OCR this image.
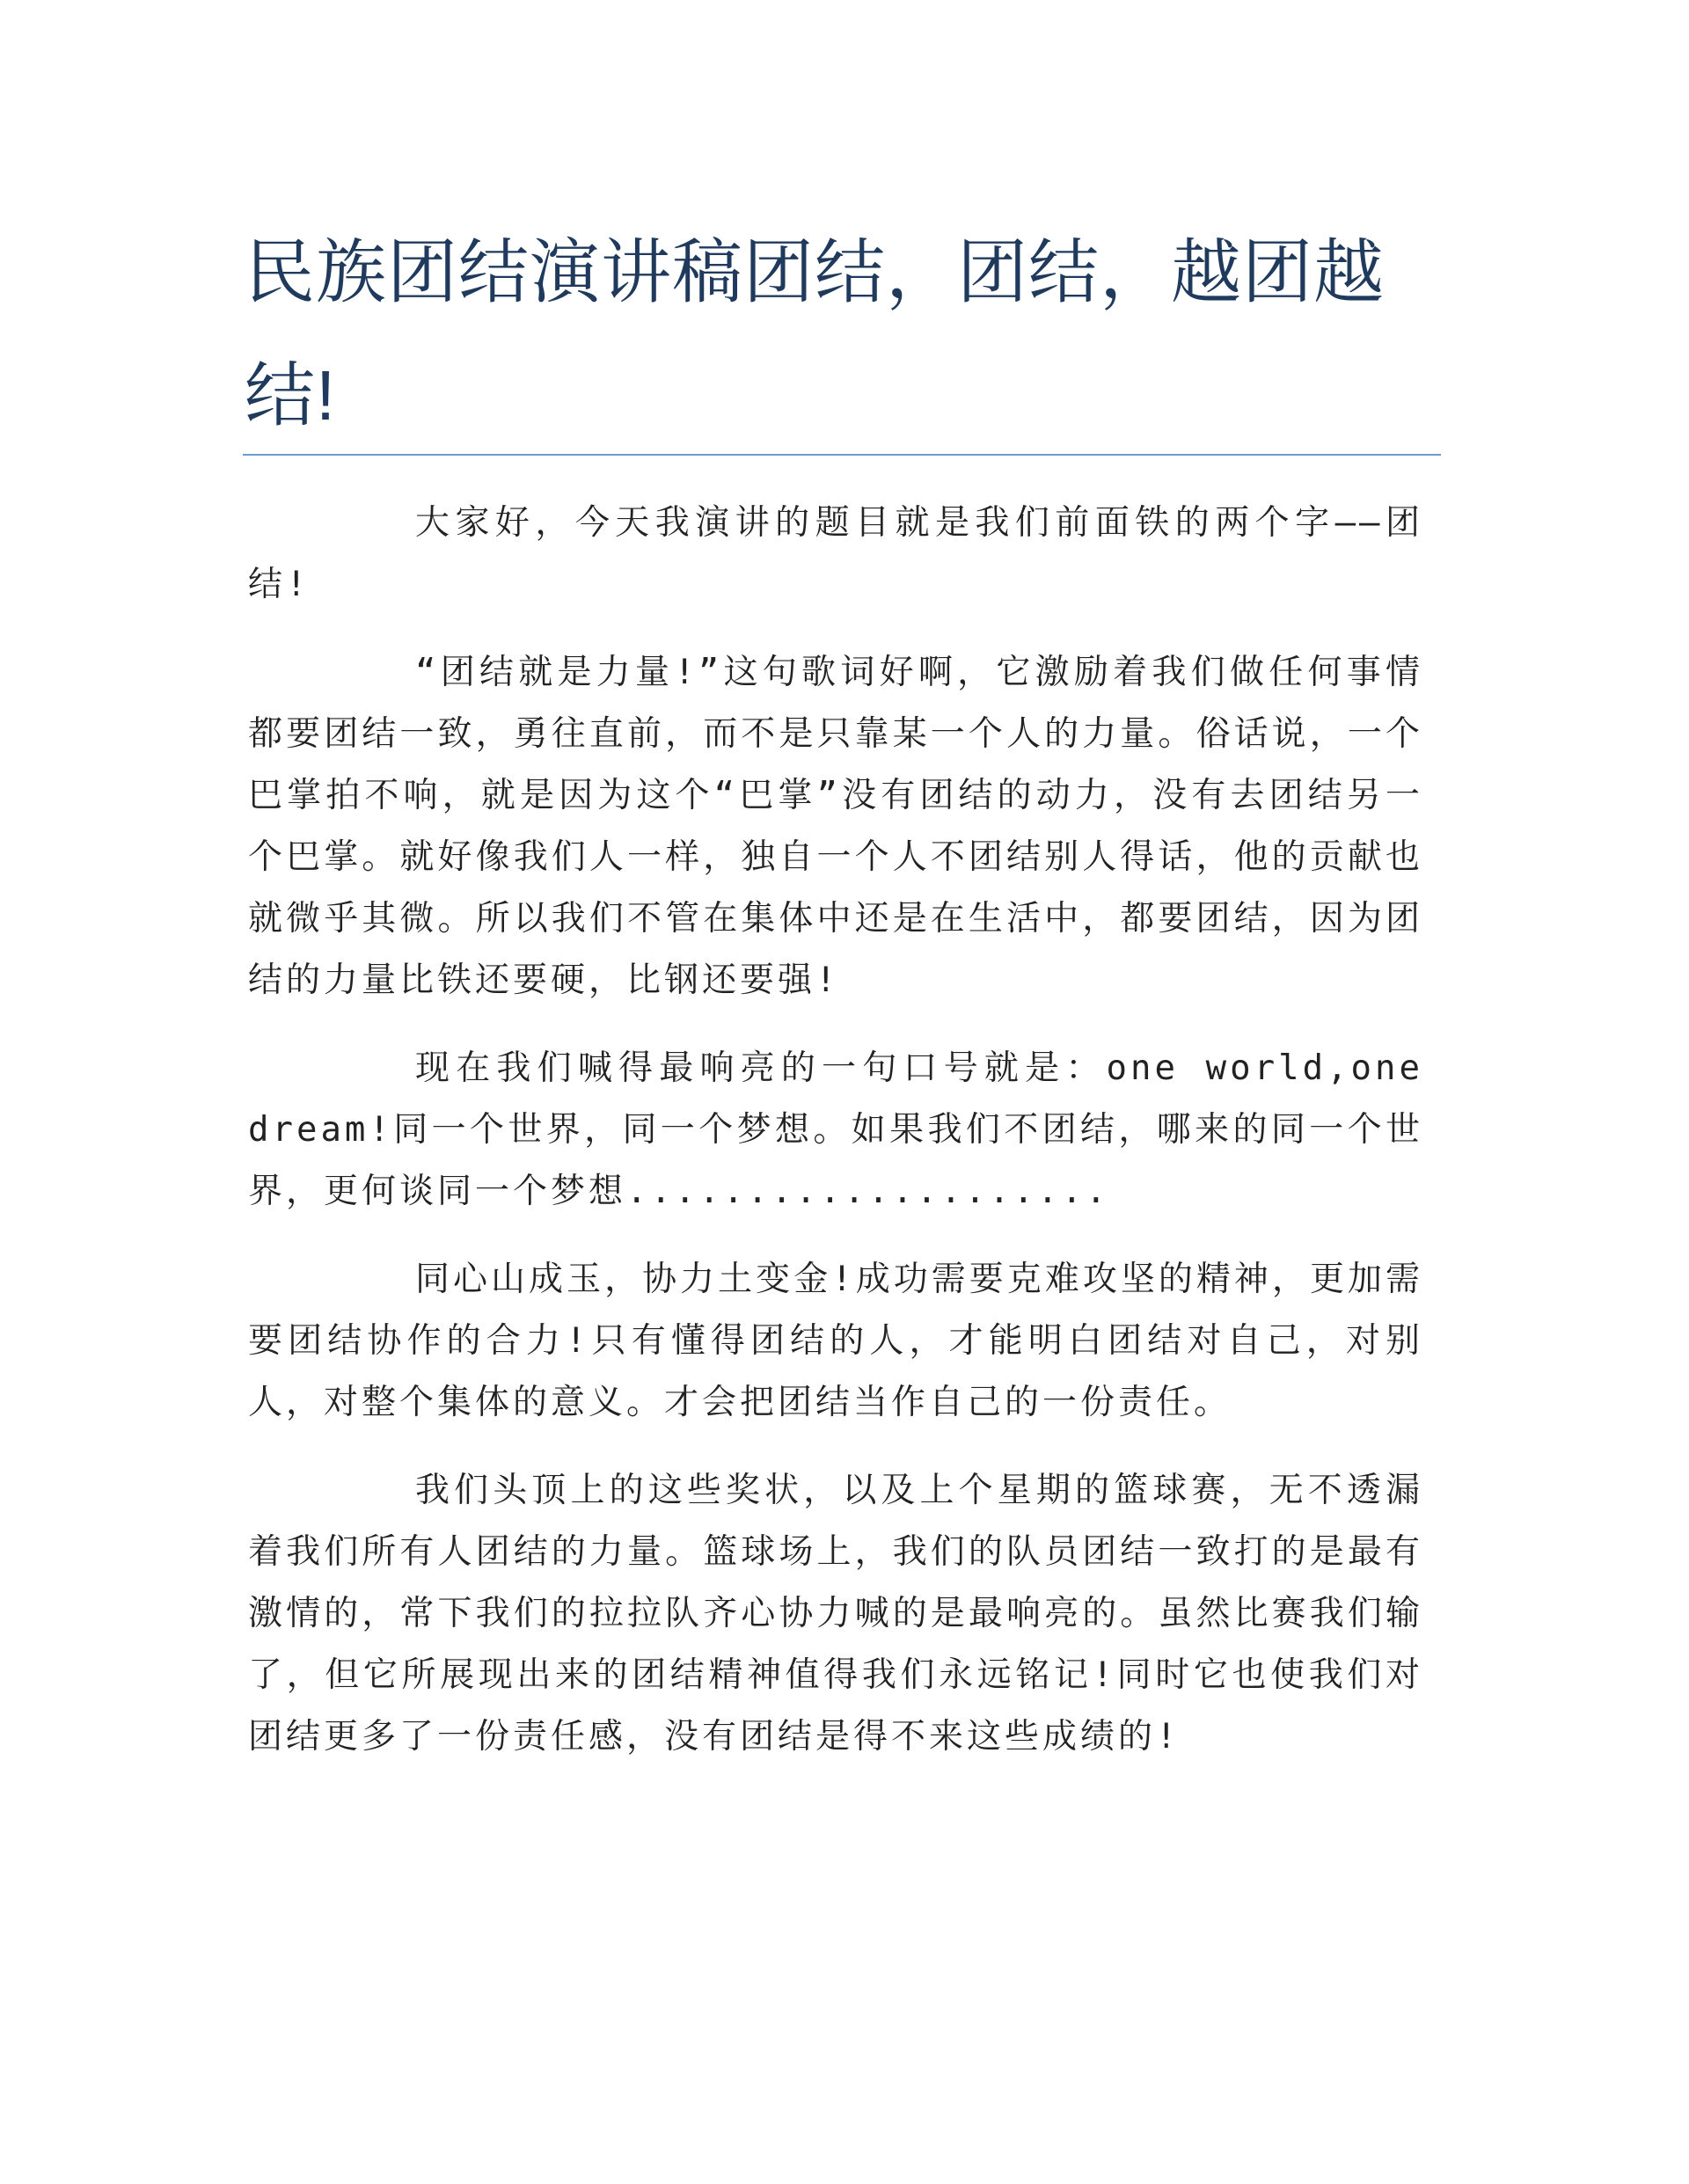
民族团结演讲稿团结，团结，越团越结!

大家好，今天我演讲的题目就是我们前面铁的两个字——团结!

“团结就是力量!”这句歌词好啊，它激励着我们做任何事情都要团结一致，勇往直前，而不是只靠某一个人的力量。俗话说，一个巴掌拍不响，就是因为这个“巴掌”没有团结的动力，没有去团结另一个巴掌。就好像我们人一样，独自一个人不团结别人得话，他的贡献也就微乎其微。所以我们不管在集体中还是在生活中，都要团结，因为团结的力量比铁还要硬，比钢还要强!

现在我们喊得最响亮的一句口号就是：one world,one dream!同一个世界，同一个梦想。如果我们不团结，哪来的同一个世界，更何谈同一个梦想....................

同心山成玉，协力土变金!成功需要克难攻坚的精神，更加需要团结协作的合力!只有懂得团结的人，才能明白团结对自己，对别人，对整个集体的意义。才会把团结当作自己的一份责任。

我们头顶上的这些奖状，以及上个星期的篮球赛，无不透漏着我们所有人团结的力量。篮球场上，我们的队员团结一致打的是最有激情的，常下我们的拉拉队齐心协力喊的是最响亮的。虽然比赛我们输了，但它所展现出来的团结精神值得我们永远铭记!同时它也使我们对团结更多了一份责任感，没有团结是得不来这些成绩的!
